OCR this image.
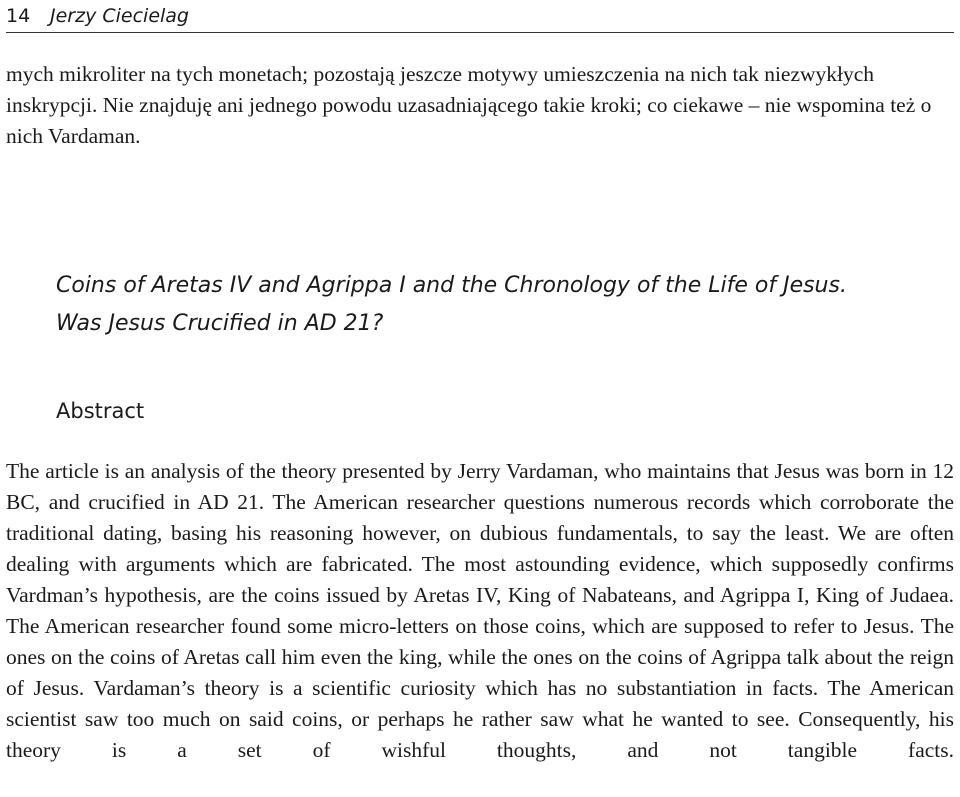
14 Jerzy Ciecielag

mych mikroliter na tych monetach; pozostają jeszcze motywy umieszczenia na nich tak niezwykłych inskrypcji. Nie znajduję ani jednego powodu uzasadniającego takie kroki; co ciekawe – nie wspomina też o nich Vardaman.

Coins of Aretas IV and Agrippa I and the Chronology of the Life of Jesus.
Was Jesus Crucified in AD 21?
Abstract

The article is an analysis of the theory presented by Jerry Vardaman, who maintains that Jesus was born in 12 BC, and crucified in AD 21. The American researcher questions numerous records which corroborate the traditional dating, basing his reasoning however, on dubious fundamentals, to say the least. We are often dealing with arguments which are fabricated. The most astounding evidence, which supposedly confirms Vardman’s hypothesis, are the coins issued by Aretas IV, King of Nabateans, and Agrippa I, King of Judaea. The American researcher found some micro-letters on those coins, which are supposed to refer to Jesus. The ones on the coins of Aretas call him even the king, while the ones on the coins of Agrippa talk about the reign of Jesus. Vardaman’s theory is a scientific curiosity which has no substantiation in facts. The American scientist saw too much on said coins, or perhaps he rather saw what he wanted to see. Consequently, his theory is a set of wishful thoughts, and not tangible facts.
